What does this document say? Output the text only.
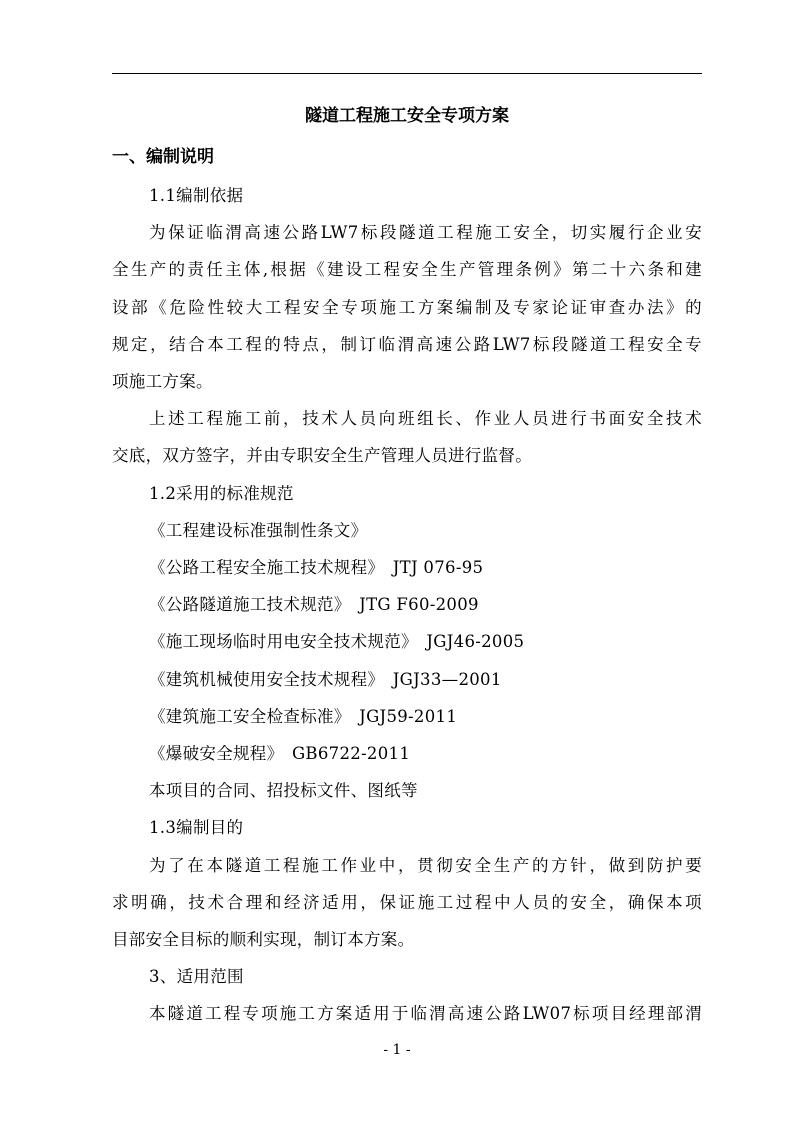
隧道工程施工安全专项方案
一、编制说明

1.1编制依据

为保证临渭高速公路LW7标段隧道工程施工安全，切实履行企业安

全生产的责任主体,根据《建设工程安全生产管理条例》第二十六条和建

设部《危险性较大工程安全专项施工方案编制及专家论证审查办法》的

规定，结合本工程的特点，制订临渭高速公路LW7标段隧道工程安全专

项施工方案。

上述工程施工前，技术人员向班组长、作业人员进行书面安全技术

交底，双方签字，并由专职安全生产管理人员进行监督。

1.2采用的标准规范

《工程建设标准强制性条文》

《公路工程安全施工技术规程》　JTJ 076-95

《公路隧道施工技术规范》　JTG F60-2009

《施工现场临时用电安全技术规范》　JGJ46-2005

《建筑机械使用安全技术规程》　JGJ33—2001

《建筑施工安全检查标准》　JGJ59-2011

《爆破安全规程》　GB6722-2011

本项目的合同、招投标文件、图纸等

1.3编制目的

为了在本隧道工程施工作业中，贯彻安全生产的方针，做到防护要

求明确，技术合理和经济适用，保证施工过程中人员的安全，确保本项

目部安全目标的顺利实现，制订本方案。

3、适用范围

本隧道工程专项施工方案适用于临渭高速公路LW07标项目经理部渭

- 1 -
